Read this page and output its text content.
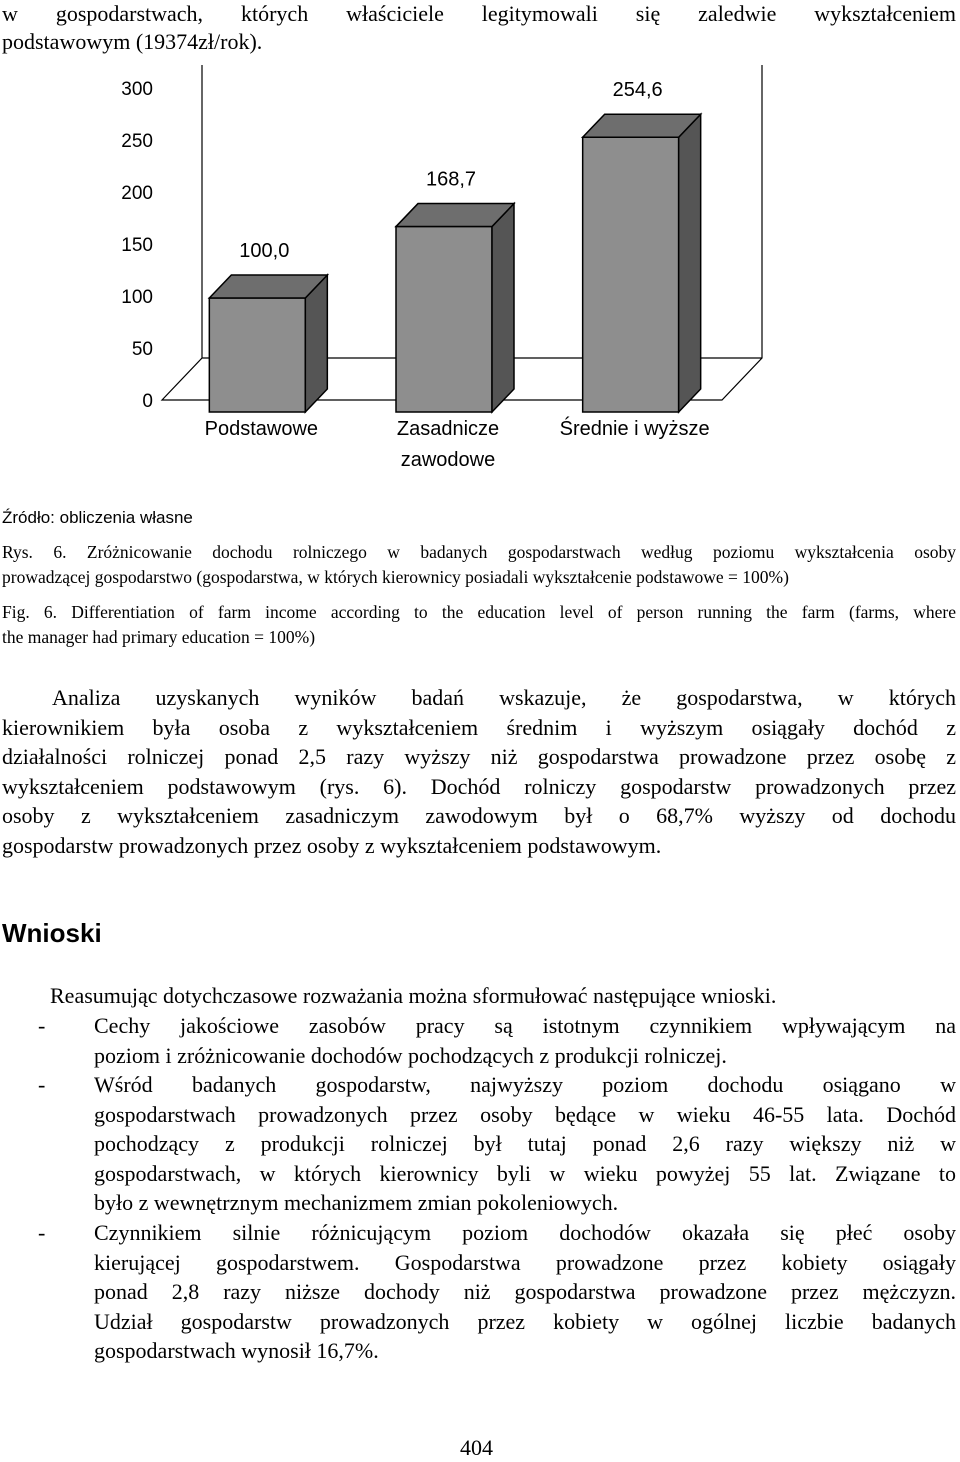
w gospodarstwach, których właściciele legitymowali się zaledwie wykształceniem
podstawowym (19374zł/rok).
300
250
200
150
100
50
0
100,0
168,7
254,6
Podstawowe	Zasadnicze
zawodowe
Średnie i wyższe
Źródło: obliczenia własne
Rys. 6. Zróżnicowanie dochodu rolniczego w badanych gospodarstwach według poziomu wykształcenia osoby
prowadzącej gospodarstwo (gospodarstwa, w których kierownicy posiadali wykształcenie podstawowe = 100%)
Fig. 6. Differentiation of farm income according to the education level of person running the farm (farms, where
the manager had primary education = 100%)
Analiza uzyskanych wyników badań wskazuje, że gospodarstwa, w których
kierownikiem była osoba z wykształceniem średnim i wyższym osiągały dochód z
działalności rolniczej ponad 2,5 razy wyższy niż gospodarstwa prowadzone przez osobę z
wykształceniem podstawowym (rys. 6). Dochód rolniczy gospodarstw prowadzonych przez
osoby z wykształceniem zasadniczym zawodowym był o 68,7% wyższy od dochodu
gospodarstw prowadzonych przez osoby z wykształceniem podstawowym.
Wnioski
Reasumując dotychczasowe rozważania można sformułować następujące wnioski.
- Cechy jakościowe zasobów pracy są istotnym czynnikiem wpływającym na
poziom i zróżnicowanie dochodów pochodzących z produkcji rolniczej.
- Wśród badanych gospodarstw, najwyższy poziom dochodu osiągano w
gospodarstwach prowadzonych przez osoby będące w wieku 46-55 lata. Dochód
pochodzący z produkcji rolniczej był tutaj ponad 2,6 razy większy niż w
gospodarstwach, w których kierownicy byli w wieku powyżej 55 lat. Związane to
było z wewnętrznym mechanizmem zmian pokoleniowych.
- Czynnikiem silnie różnicującym poziom dochodów okazała się płeć osoby
kierującej gospodarstwem. Gospodarstwa prowadzone przez kobiety osiągały
ponad 2,8 razy niższe dochody niż gospodarstwa prowadzone przez mężczyzn.
Udział gospodarstw prowadzonych przez kobiety w ogólnej liczbie badanych
gospodarstwach wynosił 16,7%.
404
